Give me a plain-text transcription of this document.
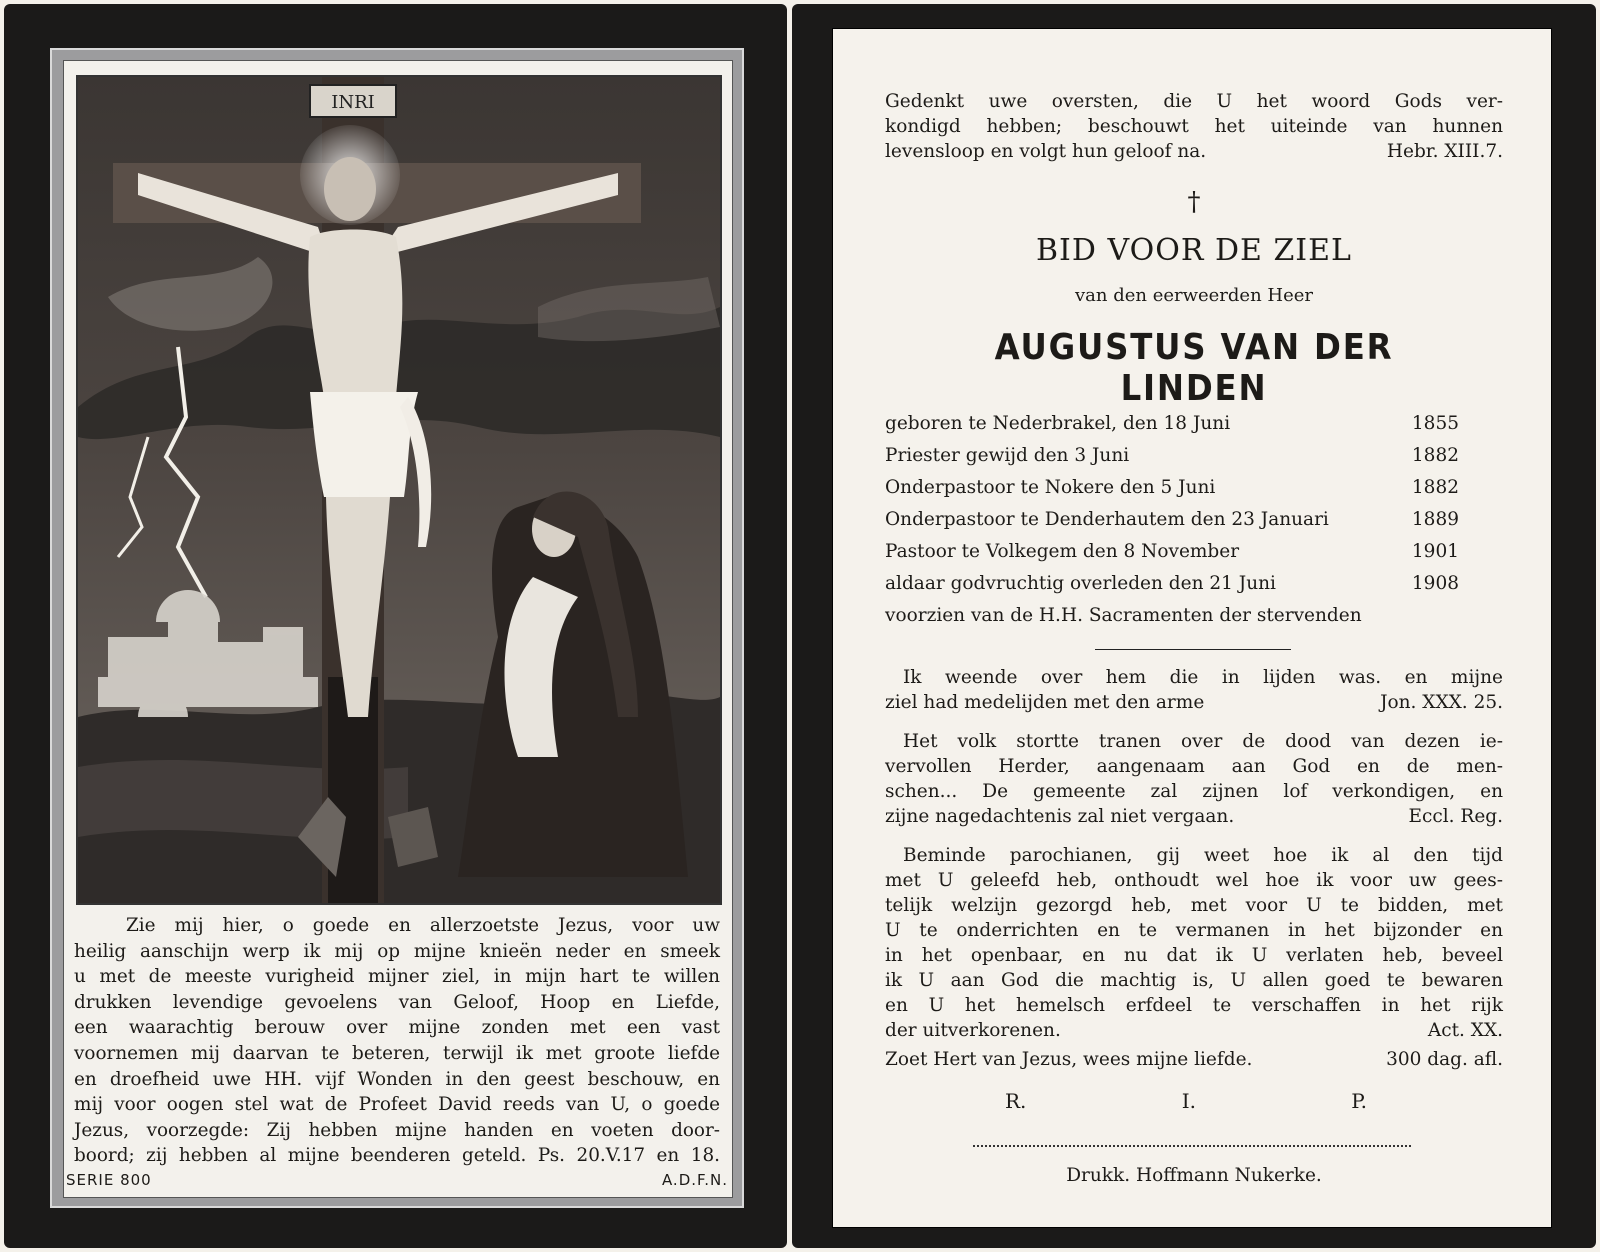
INRI
Zie mij hier, o goede en allerzoetste Jezus, voor uw
heilig aanschijn werp ik mij op mijne knieën neder en smeek
u met de meeste vurigheid mijner ziel, in mijn hart te willen
drukken levendige gevoelens van Geloof, Hoop en Liefde,
een waarachtig berouw over mijne zonden met een vast
voornemen mij daarvan te beteren, terwijl ik met groote liefde
en droefheid uwe HH. vijf Wonden in den geest beschouw, en
mij voor oogen stel wat de Profeet David reeds van U, o goede
Jezus, voorzegde: Zij hebben mijne handen en voeten door-
boord; zij hebben al mijne beenderen geteld. Ps. 20.V.17 en 18.
SERIE 800	A.D.F.N.
Gedenkt uwe oversten, die U het woord Gods ver-
kondigd hebben; beschouwt het uiteinde van hunnen
levensloop en volgt hun geloof na.	Hebr. XIII.7.
†
BID VOOR DE ZIEL
van den eerweerden Heer
AUGUSTUS VAN DER LINDEN
geboren te Nederbrakel, den 18 Juni	1855
Priester gewijd den 3 Juni	1882
Onderpastoor te Nokere den 5 Juni	1882
Onderpastoor te Denderhautem den 23 Januari	1889
Pastoor te Volkegem den 8 November	1901
aldaar godvruchtig overleden den 21 Juni	1908
voorzien van de H.H. Sacramenten der stervenden
Ik weende over hem die in lijden was. en mijne
ziel had medelijden met den arme	Jon. XXX. 25.
Het volk stortte tranen over de dood van dezen ie-
vervollen Herder, aangenaam aan God en de men-
schen... De gemeente zal zijnen lof verkondigen, en
zijne nagedachtenis zal niet vergaan.	Eccl. Reg.
Beminde parochianen, gij weet hoe ik al den tijd
met U geleefd heb, onthoudt wel hoe ik voor uw gees-
telijk welzijn gezorgd heb, met voor U te bidden, met
U te onderrichten en te vermanen in het bijzonder en
in het openbaar, en nu dat ik U verlaten heb, beveel
ik U aan God die machtig is, U allen goed te bewaren
en U het hemelsch erfdeel te verschaffen in het rijk
der uitverkorenen.	Act. XX.
Zoet Hert van Jezus, wees mijne liefde.	300 dag. afl.
R.	I.	P.
Drukk. Hoffmann Nukerke.
